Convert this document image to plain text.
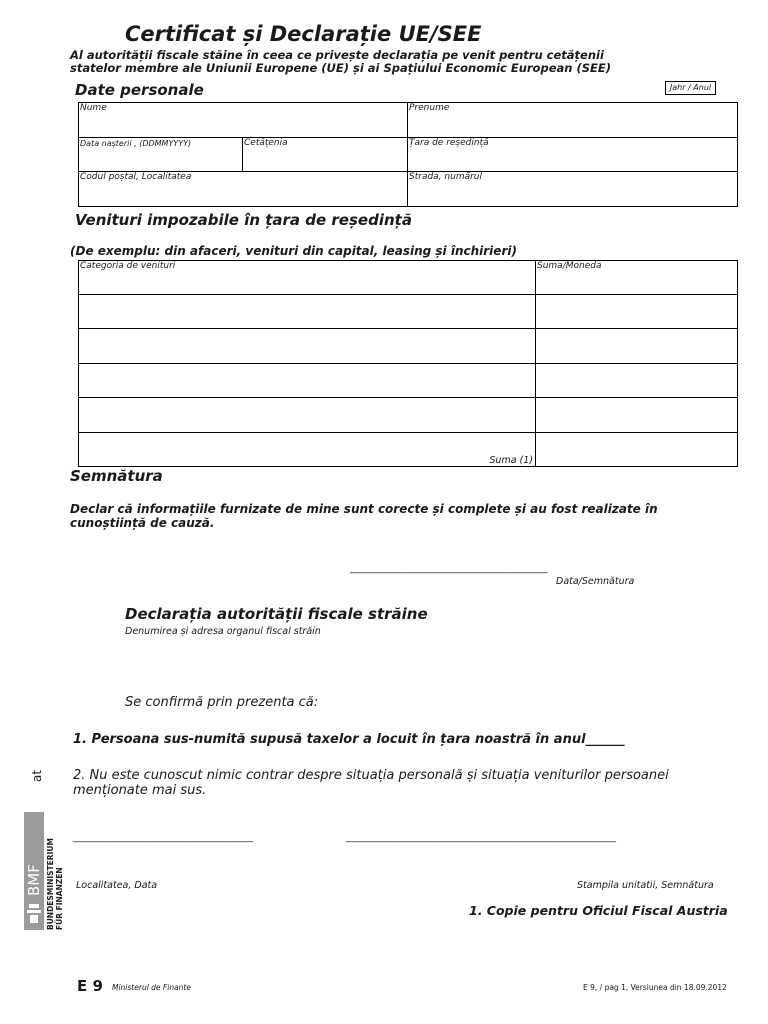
Certificat și Declarație UE/SEE
Al autorității fiscale stăine în ceea ce privește declarația pe venit pentru cetățenii
statelor membre ale Uniunii Europene (UE) și ai Spațiului Economic European (SEE)
Date personale	Jahr / Anul
Nume		Prenume
Data nașterii , (DDMMYYYY)	Cetățenia	Țara de reședință
Codul poștal, Localitatea		Strada, numărul
Venituri impozabile în țara de reședință
(De exemplu: din afaceri, venituri din capital, leasing și închirieri)
Categoria de venituri	Suma/Moneda

Suma (1)	
Semnătura
Declar că informațiile furnizate de mine sunt corecte și complete și au fost realizate în
cunoștiință de cauză.
______________________________________
Data/Semnătura
Declarația autorității fiscale străine
Denumirea și adresa organul fiscal străin
Se confirmă prin prezenta că:
1. Persoana sus-numită supusă taxelor a locuit în țara noastră în anul______
2. Nu este cunoscut nimic contrar despre situația personală și situația veniturilor persoanei
menționate mai sus.
____________________________________	______________________________________________________
Localitatea, Data	Stampila unitatii, Semnătura
1. Copie pentru Oficiul Fiscal Austria
at
BMF BUNDESMINISTERIUM FÜR FINANZEN
E 9 Ministerul de Finante	E 9, / pag 1, Versiunea din 18.09.2012
